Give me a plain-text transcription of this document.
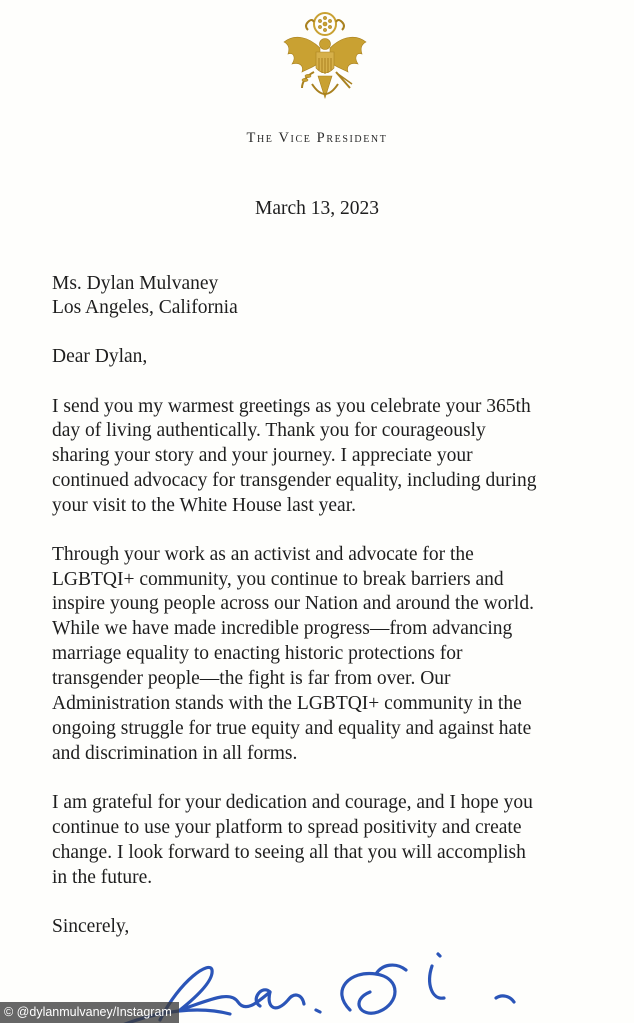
The Vice President
March 13, 2023
Ms. Dylan Mulvaney
Los Angeles, California
Dear Dylan,
I send you my warmest greetings as you celebrate your 365th
day of living authentically. Thank you for courageously
sharing your story and your journey. I appreciate your
continued advocacy for transgender equality, including during
your visit to the White House last year.
Through your work as an activist and advocate for the
LGBTQI+ community, you continue to break barriers and
inspire young people across our Nation and around the world.
While we have made incredible progress—from advancing
marriage equality to enacting historic protections for
transgender people—the fight is far from over. Our
Administration stands with the LGBTQI+ community in the
ongoing struggle for true equity and equality and against hate
and discrimination in all forms.
I am grateful for your dedication and courage, and I hope you
continue to use your platform to spread positivity and create
change. I look forward to seeing all that you will accomplish
in the future.
Sincerely,
© @dylanmulvaney/Instagram
